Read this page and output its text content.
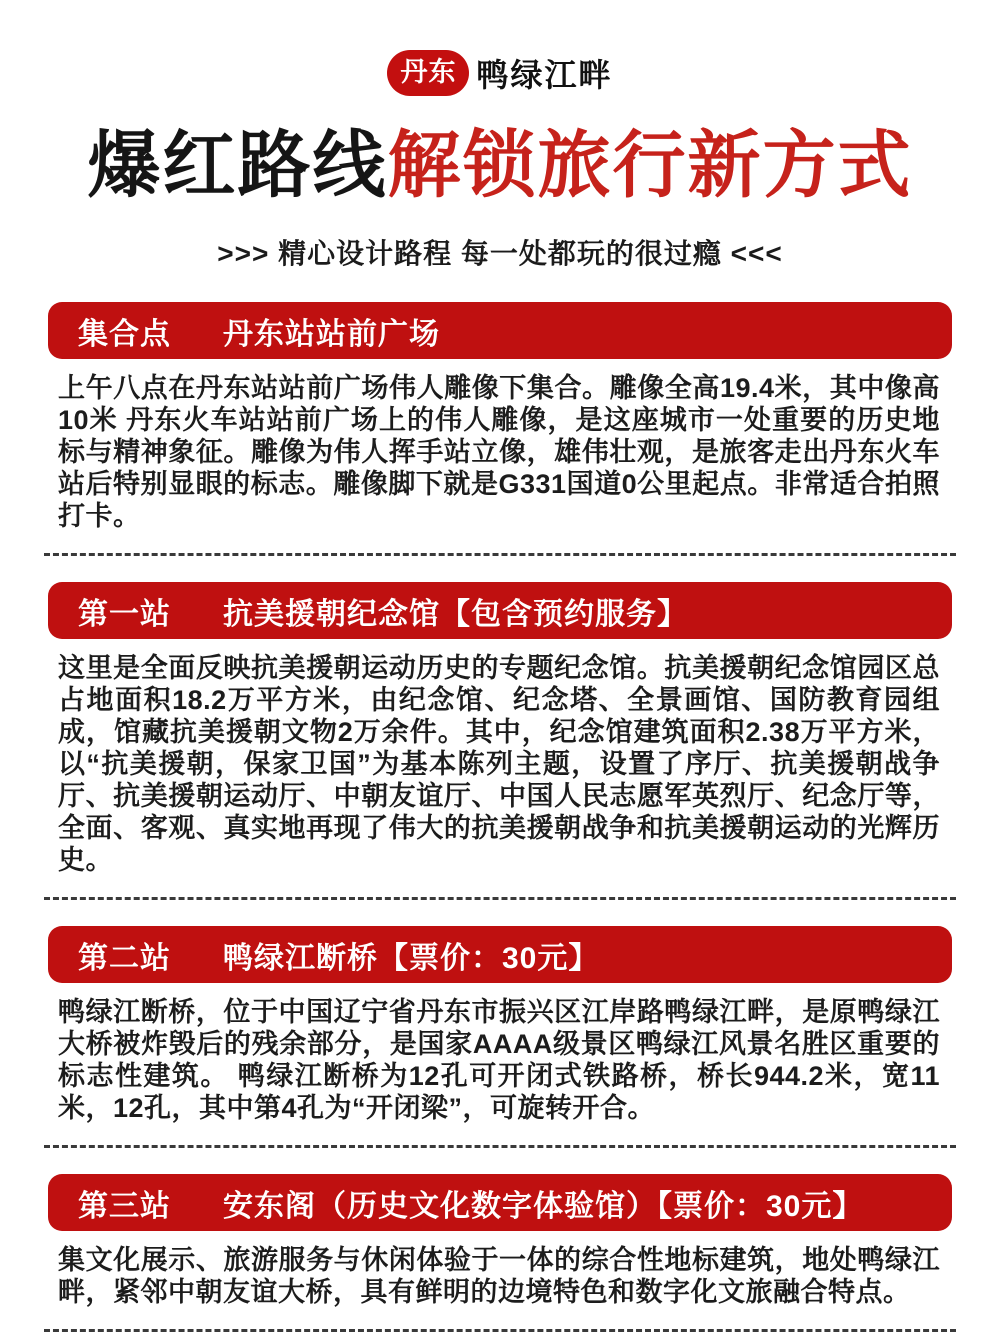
丹东 鸭绿江畔
爆红路线解锁旅行新方式
>>> 精心设计路程 每一处都玩的很过瘾 <<<
集合点 丹东站站前广场
上午八点在丹东站站前广场伟人雕像下集合。雕像全高19.4米，其中像高10米 丹东火车站站前广场上的伟人雕像，是这座城市一处重要的历史地标与精神象征。雕像为伟人挥手站立像，雄伟壮观，是旅客走出丹东火车站后特别显眼的标志。雕像脚下就是G331国道0公里起点。非常适合拍照打卡。
第一站 抗美援朝纪念馆【包含预约服务】
这里是全面反映抗美援朝运动历史的专题纪念馆。抗美援朝纪念馆园区总占地面积18.2万平方米，由纪念馆、纪念塔、全景画馆、国防教育园组成，馆藏抗美援朝文物2万余件。其中，纪念馆建筑面积2.38万平方米，以“抗美援朝，保家卫国”为基本陈列主题，设置了序厅、抗美援朝战争厅、抗美援朝运动厅、中朝友谊厅、中国人民志愿军英烈厅、纪念厅等，全面、客观、真实地再现了伟大的抗美援朝战争和抗美援朝运动的光辉历史。
第二站 鸭绿江断桥【票价：30元】
鸭绿江断桥，位于中国辽宁省丹东市振兴区江岸路鸭绿江畔，是原鸭绿江大桥被炸毁后的残余部分，是国家AAAA级景区鸭绿江风景名胜区重要的标志性建筑。 鸭绿江断桥为12孔可开闭式铁路桥，桥长944.2米，宽11米，12孔，其中第4孔为“开闭梁”，可旋转开合。
第三站 安东阁（历史文化数字体验馆）【票价：30元】
集文化展示、旅游服务与休闲体验于一体的综合性地标建筑，地处鸭绿江畔，紧邻中朝友谊大桥，具有鲜明的边境特色和数字化文旅融合特点。
